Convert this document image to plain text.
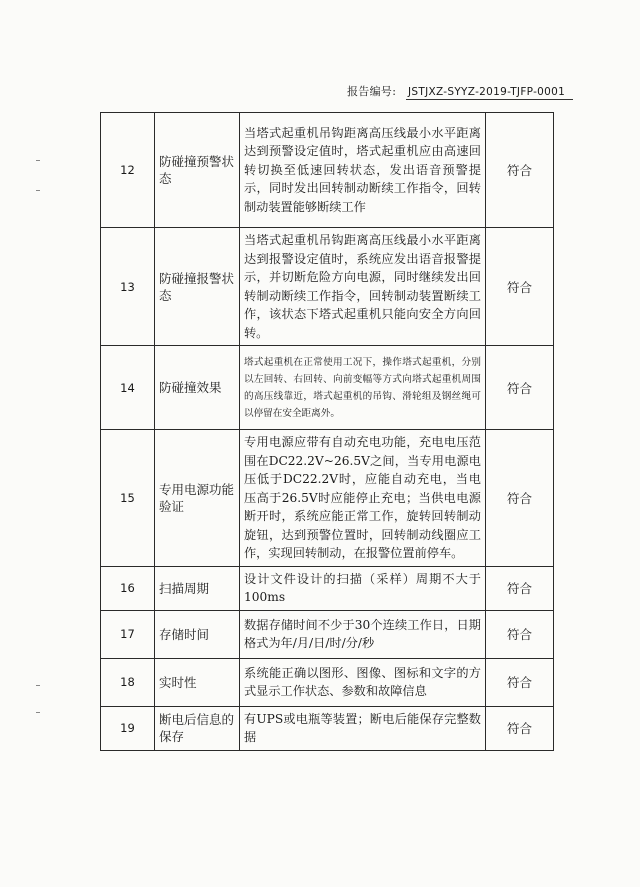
报告编号: JSTJXZ-SYYZ-2019-TJFP-0001
12	防碰撞预警状态	当塔式起重机吊钩距离高压线最小水平距离达到预警设定值时，塔式起重机应由高速回转切换至低速回转状态，发出语音预警提示，同时发出回转制动断续工作指令，回转制动装置能够断续工作	符合
13	防碰撞报警状态	当塔式起重机吊钩距离高压线最小水平距离达到报警设定值时，系统应发出语音报警提示，并切断危险方向电源，同时继续发出回转制动断续工作指令，回转制动装置断续工作，该状态下塔式起重机只能向安全方向回转。	符合
14	防碰撞效果	塔式起重机在正常使用工况下，操作塔式起重机，分别以左回转、右回转、向前变幅等方式向塔式起重机周围的高压线靠近，塔式起重机的吊钩、滑轮组及钢丝绳可以停留在安全距离外。	符合
15	专用电源功能验证	专用电源应带有自动充电功能，充电电压范围在DC22.2V~26.5V之间，当专用电源电压低于DC22.2V时，应能自动充电，当电压高于26.5V时应能停止充电；当供电电源断开时，系统应能正常工作，旋转回转制动旋钮，达到预警位置时，回转制动线圈应工作，实现回转制动，在报警位置前停车。	符合
16	扫描周期	设计文件设计的扫描（采样）周期不大于100ms	符合
17	存储时间	数据存储时间不少于30个连续工作日，日期格式为年/月/日/时/分/秒	符合
18	实时性	系统能正确以图形、图像、图标和文字的方式显示工作状态、参数和故障信息	符合
19	断电后信息的保存	有UPS或电瓶等装置；断电后能保存完整数据	符合
